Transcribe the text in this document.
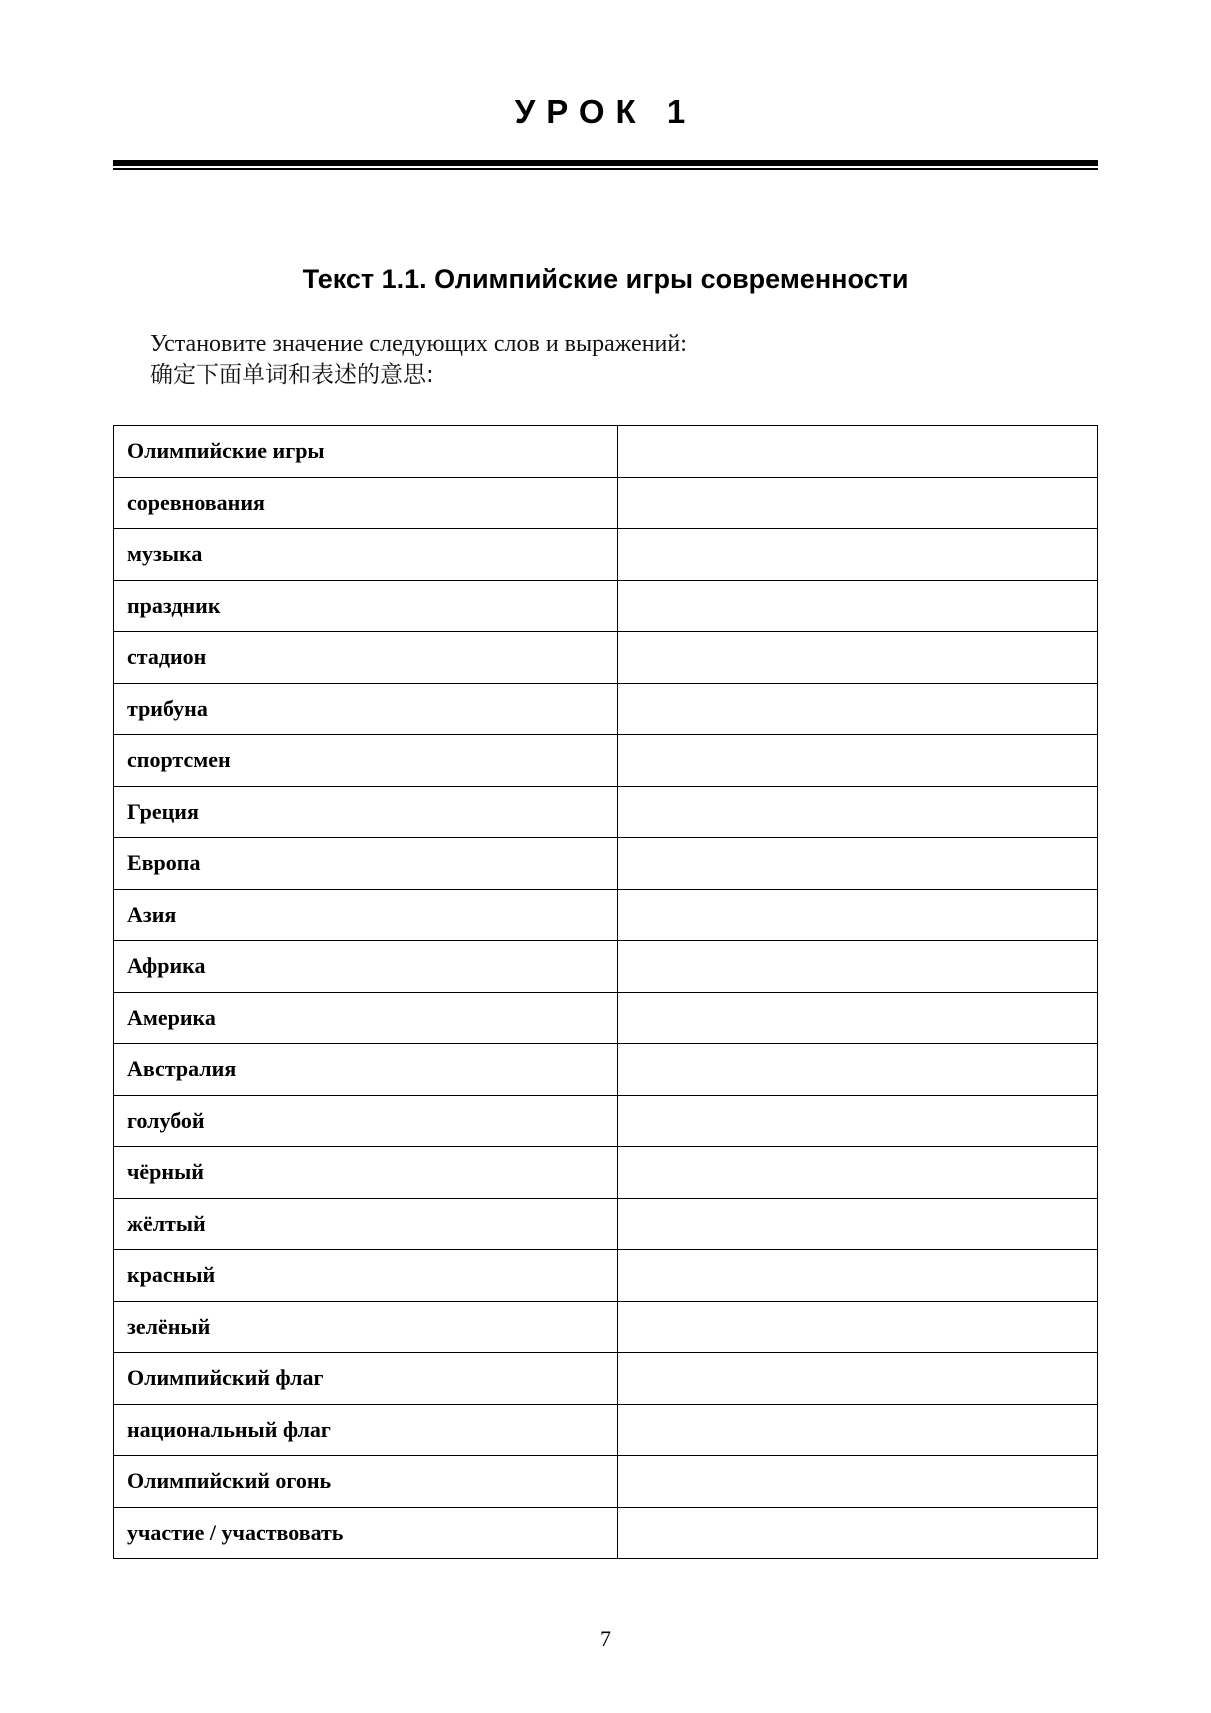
УРОК 1
Текст 1.1. Олимпийские игры современности
Установите значение следующих слов и выражений:
确定下面单词和表述的意思:
Олимпийские игры	
соревнования	
музыка	
праздник	
стадион	
трибуна	
спортсмен	
Греция	
Европа	
Азия	
Африка	
Америка	
Австралия	
голубой	
чёрный	
жёлтый	
красный	
зелёный	
Олимпийский флаг	
национальный флаг	
Олимпийский огонь	
участие / участвовать	
7
